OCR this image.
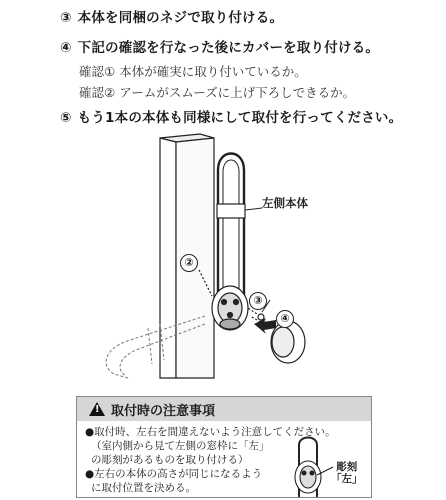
③ 本体を同梱のネジで取り付ける。
④ 下記の確認を行なった後にカバーを取り付ける。
確認① 本体が確実に取り付いているか。
確認② アームがスムーズに上げ下ろしできるか。
⑤ もう1本の本体も同様にして取付を行ってください。
左側本体
②
③
④
!
取付時の注意事項
●取付時、左右を間違えないよう注意してください。
（室内側から見て左側の窓枠に「左」
の彫刻があるものを取り付ける）
●左右の本体の高さが同じになるよう
に取付位置を決める。
彫刻
「左」
